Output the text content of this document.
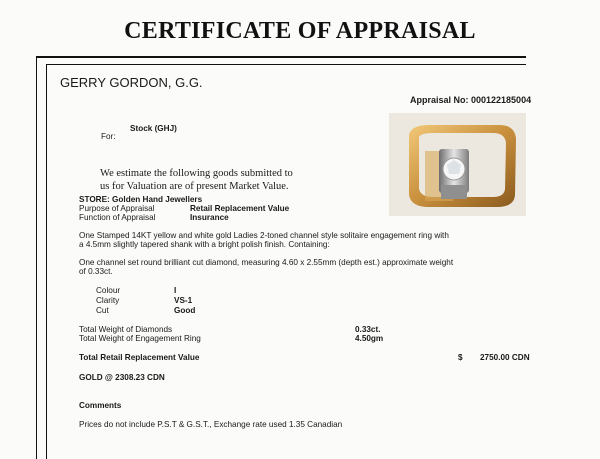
CERTIFICATE OF APPRAISAL
GERRY GORDON, G.G.
Appraisal No: 000122185004
Stock (GHJ)
For:
We estimate the following goods submitted to
us for Valuation are of present Market Value.
STORE: Golden Hand Jewellers
Purpose of Appraisal	Retail Replacement Value
Function of Appraisal	Insurance
One Stamped 14KT yellow and white gold Ladies 2-toned channel style solitaire engagement ring with
a 4.5mm slightly tapered shank with a bright polish finish. Containing:
One channel set round brilliant cut diamond, measuring 4.60 x 2.55mm (depth est.) approximate weight
of 0.33ct.
Colour	I
Clarity	VS-1
Cut	Good
Total Weight of Diamonds	0.33ct.
Total Weight of Engagement Ring	4.50gm
Total Retail Replacement Value	$ 2750.00 CDN
GOLD @ 2308.23 CDN
Comments
Prices do not include P.S.T & G.S.T., Exchange rate used 1.35 Canadian
